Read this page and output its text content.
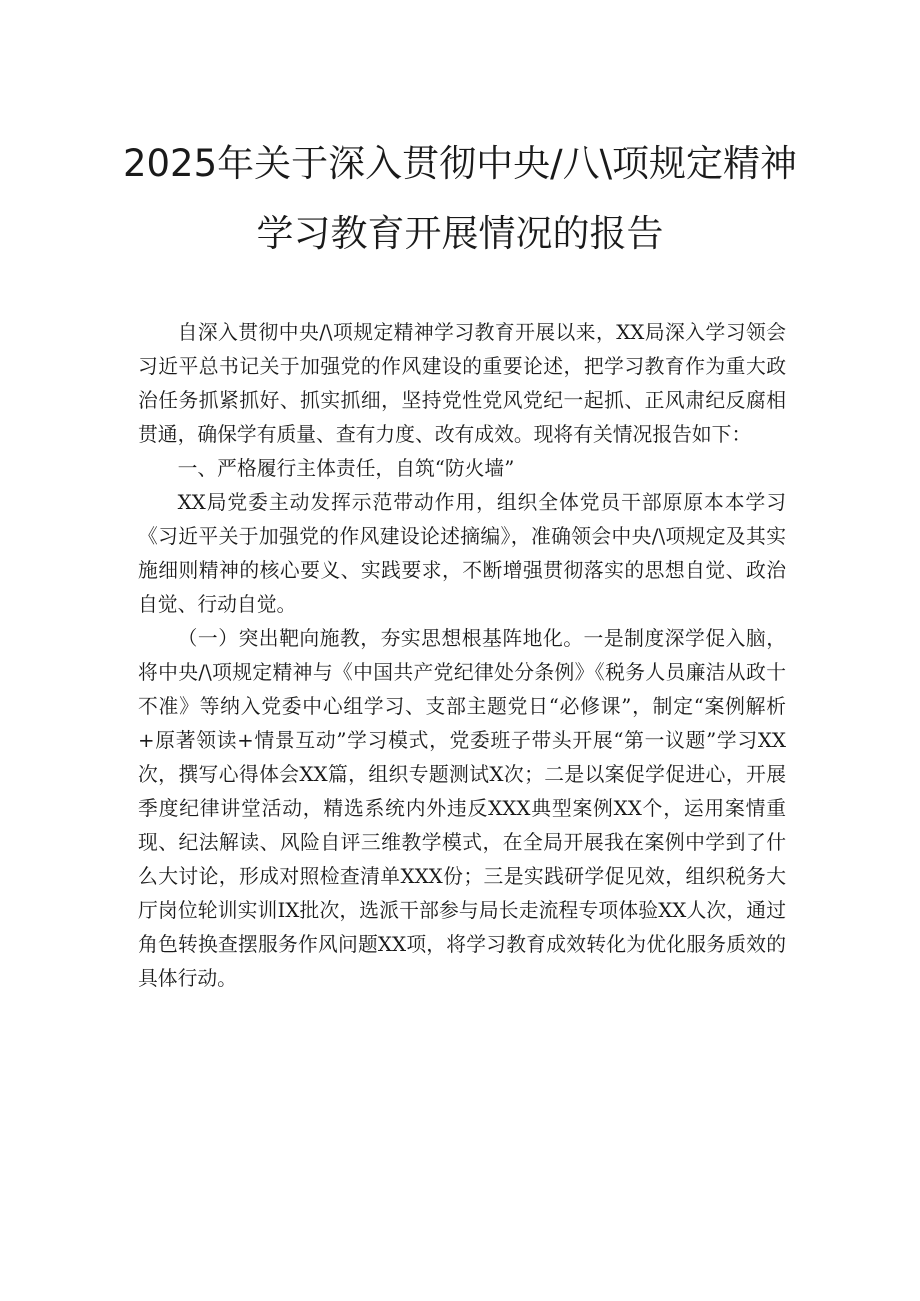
2025年关于深入贯彻中央/八\项规定精神
学习教育开展情况的报告

自深入贯彻中央/\项规定精神学习教育开展以来，XX局深入学习领会习近平总书记关于加强党的作风建设的重要论述，把学习教育作为重大政治任务抓紧抓好、抓实抓细，坚持党性党风党纪一起抓、正风肃纪反腐相贯通，确保学有质量、查有力度、改有成效。现将有关情况报告如下：

一、严格履行主体责任，自筑“防火墙”

XX局党委主动发挥示范带动作用，组织全体党员干部原原本本学习《习近平关于加强党的作风建设论述摘编》，准确领会中央/\项规定及其实施细则精神的核心要义、实践要求，不断增强贯彻落实的思想自觉、政治自觉、行动自觉。

（一）突出靶向施教，夯实思想根基阵地化。一是制度深学促入脑，将中央/\项规定精神与《中国共产党纪律处分条例》《税务人员廉洁从政十不准》等纳入党委中心组学习、支部主题党日“必修课”，制定“案例解析+原著领读+情景互动”学习模式，党委班子带头开展“第一议题”学习XX次，撰写心得体会XX篇，组织专题测试X次；二是以案促学促进心，开展季度纪律讲堂活动，精选系统内外违反XXX典型案例XX个，运用案情重现、纪法解读、风险自评三维教学模式，在全局开展我在案例中学到了什么大讨论，形成对照检查清单XXX份；三是实践研学促见效，组织税务大厅岗位轮训实训IX批次，选派干部参与局长走流程专项体验XX人次，通过角色转换查摆服务作风问题XX项，将学习教育成效转化为优化服务质效的具体行动。
